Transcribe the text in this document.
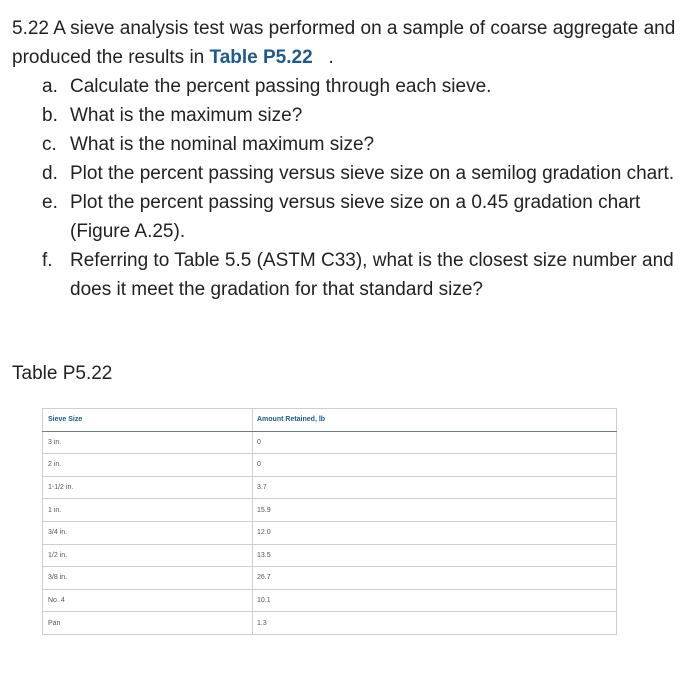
5.22 A sieve analysis test was performed on a sample of coarse aggregate and produced the results in Table P5.22 .

a. Calculate the percent passing through each sieve.
b. What is the maximum size?
c. What is the nominal maximum size?
d. Plot the percent passing versus sieve size on a semilog gradation chart.
e. Plot the percent passing versus sieve size on a 0.45 gradation chart (Figure A.25).
f. Referring to Table 5.5 (ASTM C33), what is the closest size number and does it meet the gradation for that standard size?
Table P5.22
Sieve Size	Amount Retained, lb
3 in.	0
2 in.	0
1-1/2 in.	3.7
1 in.	15.9
3/4 in.	12.0
1/2 in.	13.5
3/8 in.	26.7
No. 4	10.1
Pan	1.3
